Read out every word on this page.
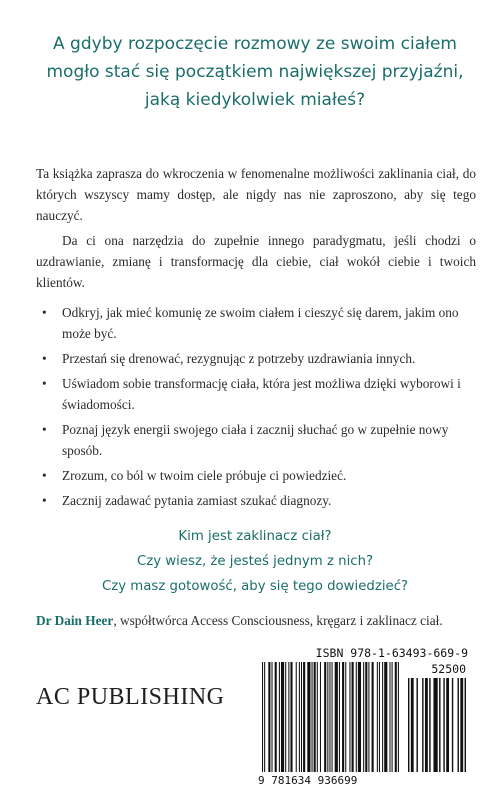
A gdyby rozpoczęcie rozmowy ze swoim ciałem
mogło stać się początkiem największej przyjaźni,
jaką kiedykolwiek miałeś?

Ta książka zaprasza do wkroczenia w fenomenalne możliwości zaklinania ciał, do których wszyscy mamy dostęp, ale nigdy nas nie zaproszono, aby się tego nauczyć.

Da ci ona narzędzia do zupełnie innego paradygmatu, jeśli chodzi o uzdrawianie, zmianę i transformację dla ciebie, ciał wokół ciebie i twoich klientów.

• Odkryj, jak mieć komunię ze swoim ciałem i cieszyć się darem, jakim ono może być.
• Przestań się drenować, rezygnując z potrzeby uzdrawiania innych.
• Uświadom sobie transformację ciała, która jest możliwa dzięki wyborowi i świadomości.
• Poznaj język energii swojego ciała i zacznij słuchać go w zupełnie nowy sposób.
• Zrozum, co ból w twoim ciele próbuje ci powiedzieć.
• Zacznij zadawać pytania zamiast szukać diagnozy.
Kim jest zaklinacz ciał?
Czy wiesz, że jesteś jednym z nich?
Czy masz gotowość, aby się tego dowiedzieć?
Dr Dain Heer, współtwórca Access Consciousness, kręgarz i zaklinacz ciał.
AC PUBLISHING
ISBN 978-1-63493-669-9
52500
9 781634 936699
